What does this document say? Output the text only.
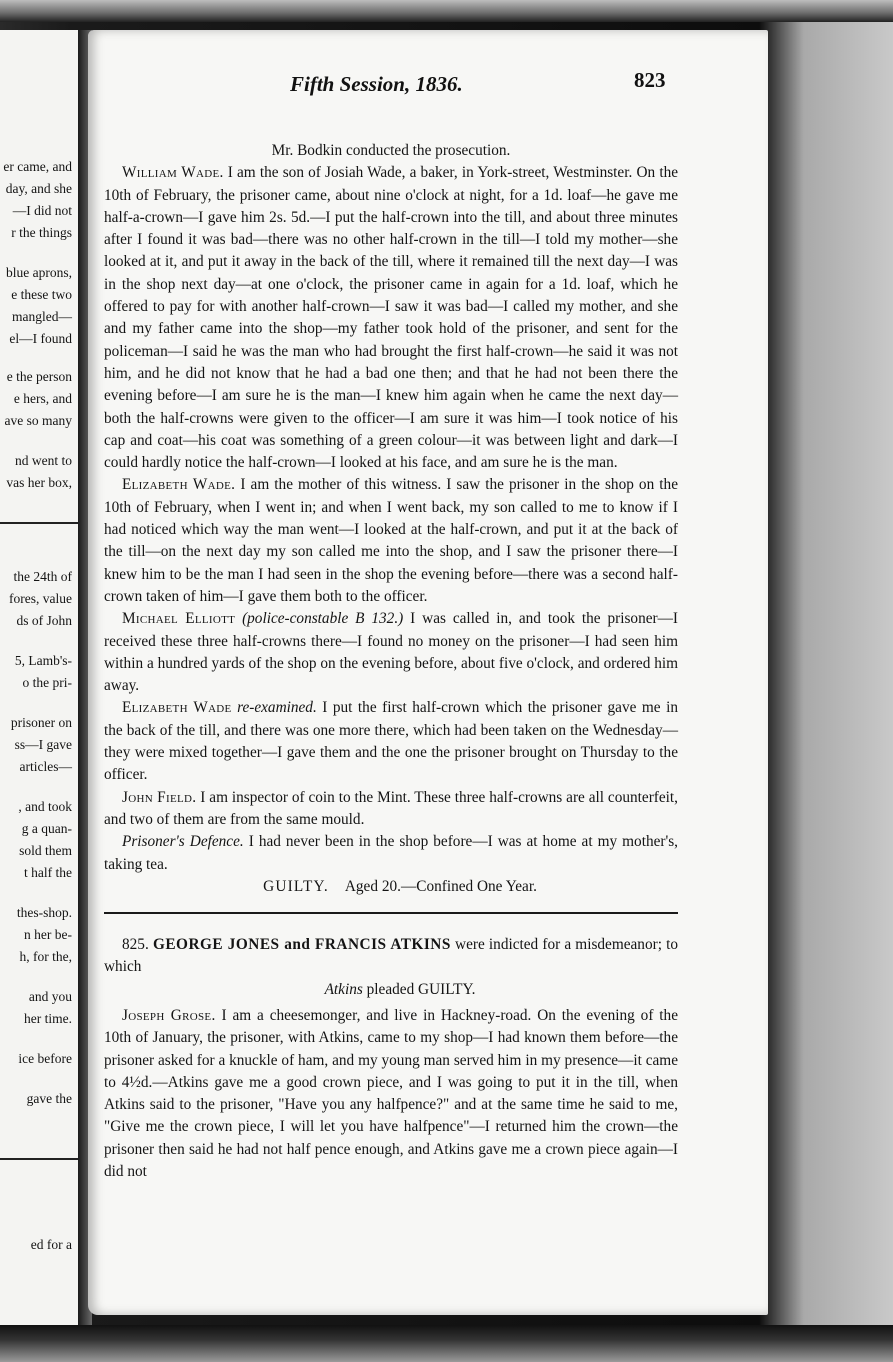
er came, and
day, and she
—I did not
r the things
blue aprons,
e these two
mangled—
el—I found
e the person
e hers, and
ave so many
nd went to
vas her box,
the 24th of
fores, value
ds of John
5, Lamb's-
o the pri-
prisoner on
ss—I gave
articles—
, and took
g a quan-
sold them
t half the
thes-shop.
n her be-
h, for the,
and you
her time.
ice before
gave the
ed for a
Fifth Session, 1836.	823

Mr. Bodkin conducted the prosecution.

William Wade. I am the son of Josiah Wade, a baker, in York-street, Westminster. On the 10th of February, the prisoner came, about nine o'clock at night, for a 1d. loaf—he gave me half-a-crown—I gave him 2s. 5d.—I put the half-crown into the till, and about three minutes after I found it was bad—there was no other half-crown in the till—I told my mother—she looked at it, and put it away in the back of the till, where it remained till the next day—I was in the shop next day—at one o'clock, the prisoner came in again for a 1d. loaf, which he offered to pay for with another half-crown—I saw it was bad—I called my mother, and she and my father came into the shop—my father took hold of the prisoner, and sent for the policeman—I said he was the man who had brought the first half-crown—he said it was not him, and he did not know that he had a bad one then; and that he had not been there the evening before—I am sure he is the man—I knew him again when he came the next day—both the half-crowns were given to the officer—I am sure it was him—I took notice of his cap and coat—his coat was something of a green colour—it was between light and dark—I could hardly notice the half-crown—I looked at his face, and am sure he is the man.

Elizabeth Wade. I am the mother of this witness. I saw the prisoner in the shop on the 10th of February, when I went in; and when I went back, my son called to me to know if I had noticed which way the man went—I looked at the half-crown, and put it at the back of the till—on the next day my son called me into the shop, and I saw the prisoner there—I knew him to be the man I had seen in the shop the evening before—there was a second half-crown taken of him—I gave them both to the officer.

Michael Elliott (police-constable B 132.) I was called in, and took the prisoner—I received these three half-crowns there—I found no money on the prisoner—I had seen him within a hundred yards of the shop on the evening before, about five o'clock, and ordered him away.

Elizabeth Wade re-examined. I put the first half-crown which the prisoner gave me in the back of the till, and there was one more there, which had been taken on the Wednesday—they were mixed together—I gave them and the one the prisoner brought on Thursday to the officer.

John Field. I am inspector of coin to the Mint. These three half-crowns are all counterfeit, and two of them are from the same mould.

Prisoner's Defence. I had never been in the shop before—I was at home at my mother's, taking tea.

GUILTY. Aged 20.—Confined One Year.

825. GEORGE JONES and FRANCIS ATKINS were indicted for a misdemeanor; to which

Atkins pleaded GUILTY.

Joseph Grose. I am a cheesemonger, and live in Hackney-road. On the evening of the 10th of January, the prisoner, with Atkins, came to my shop—I had known them before—the prisoner asked for a knuckle of ham, and my young man served him in my presence—it came to 4½d.—Atkins gave me a good crown piece, and I was going to put it in the till, when Atkins said to the prisoner, "Have you any halfpence?" and at the same time he said to me, "Give me the crown piece, I will let you have halfpence"—I returned him the crown—the prisoner then said he had not half pence enough, and Atkins gave me a crown piece again—I did not
